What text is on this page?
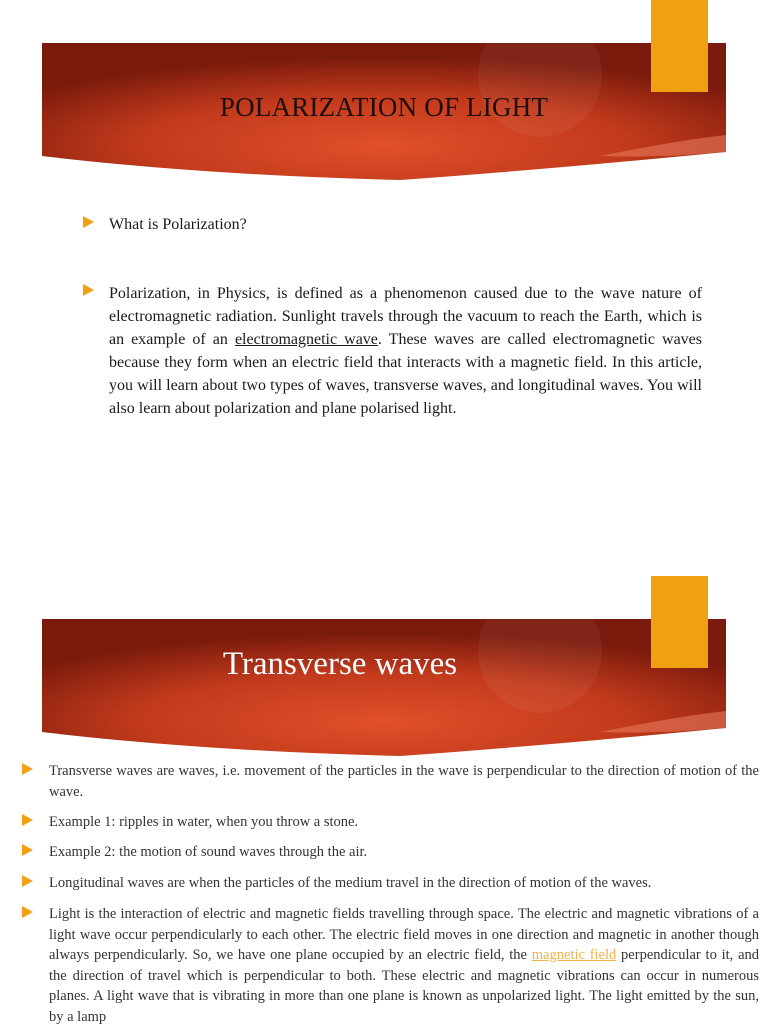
POLARIZATION OF LIGHT
What is Polarization?
Polarization, in Physics, is defined as a phenomenon caused due to the wave nature of electromagnetic radiation. Sunlight travels through the vacuum to reach the Earth, which is an example of an electromagnetic wave. These waves are called electromagnetic waves because they form when an electric field that interacts with a magnetic field. In this article, you will learn about two types of waves, transverse waves, and longitudinal waves. You will also learn about polarization and plane polarised light.
Transverse waves
Transverse waves are waves, i.e. movement of the particles in the wave is perpendicular to the direction of motion of the wave.
Example 1: ripples in water, when you throw a stone.
Example 2: the motion of sound waves through the air.
Longitudinal waves are when the particles of the medium travel in the direction of motion of the waves.
Light is the interaction of electric and magnetic fields travelling through space. The electric and magnetic vibrations of a light wave occur perpendicularly to each other. The electric field moves in one direction and magnetic in another though always perpendicularly. So, we have one plane occupied by an electric field, the magnetic field perpendicular to it, and the direction of travel which is perpendicular to both. These electric and magnetic vibrations can occur in numerous planes. A light wave that is vibrating in more than one plane is known as unpolarized light. The light emitted by the sun, by a lamp
